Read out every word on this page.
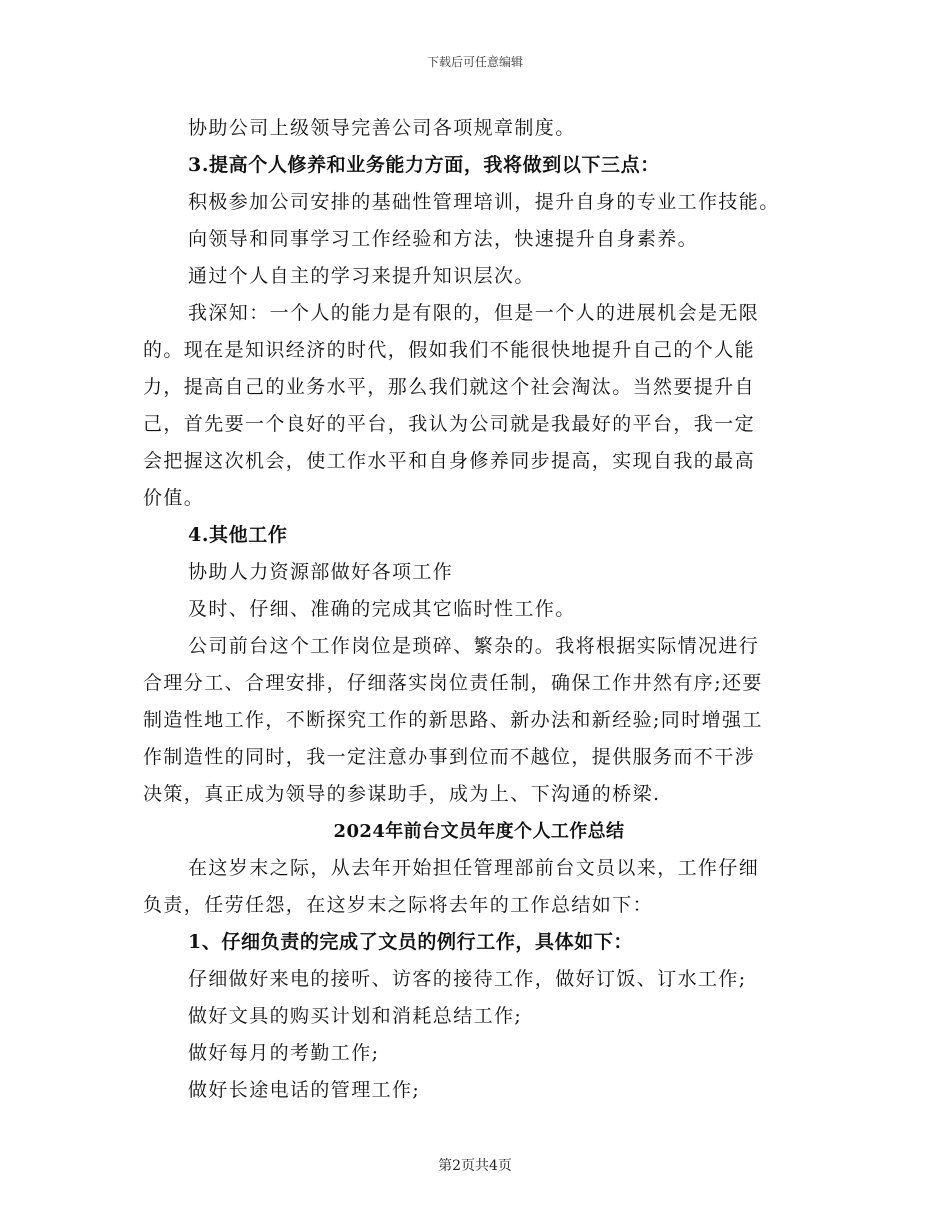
下载后可任意编辑
协助公司上级领导完善公司各项规章制度。
3.提高个人修养和业务能力方面，我将做到以下三点：
积极参加公司安排的基础性管理培训，提升自身的专业工作技能。
向领导和同事学习工作经验和方法，快速提升自身素养。
通过个人自主的学习来提升知识层次。
我深知：一个人的能力是有限的，但是一个人的进展机会是无限
的。现在是知识经济的时代，假如我们不能很快地提升自己的个人能
力，提高自己的业务水平，那么我们就这个社会淘汰。当然要提升自
己，首先要一个良好的平台，我认为公司就是我最好的平台，我一定
会把握这次机会，使工作水平和自身修养同步提高，实现自我的最高
价值。
4.其他工作
协助人力资源部做好各项工作
及时、仔细、准确的完成其它临时性工作。
公司前台这个工作岗位是琐碎、繁杂的。我将根据实际情况进行
合理分工、合理安排，仔细落实岗位责任制，确保工作井然有序;还要
制造性地工作，不断探究工作的新思路、新办法和新经验;同时增强工
作制造性的同时，我一定注意办事到位而不越位，提供服务而不干涉
决策，真正成为领导的参谋助手，成为上、下沟通的桥梁.
2024年前台文员年度个人工作总结
在这岁末之际，从去年开始担任管理部前台文员以来，工作仔细
负责，任劳任怨，在这岁末之际将去年的工作总结如下：
1、仔细负责的完成了文员的例行工作，具体如下：
仔细做好来电的接听、访客的接待工作，做好订饭、订水工作;
做好文具的购买计划和消耗总结工作;
做好每月的考勤工作;
做好长途电话的管理工作;
第2页共4页
